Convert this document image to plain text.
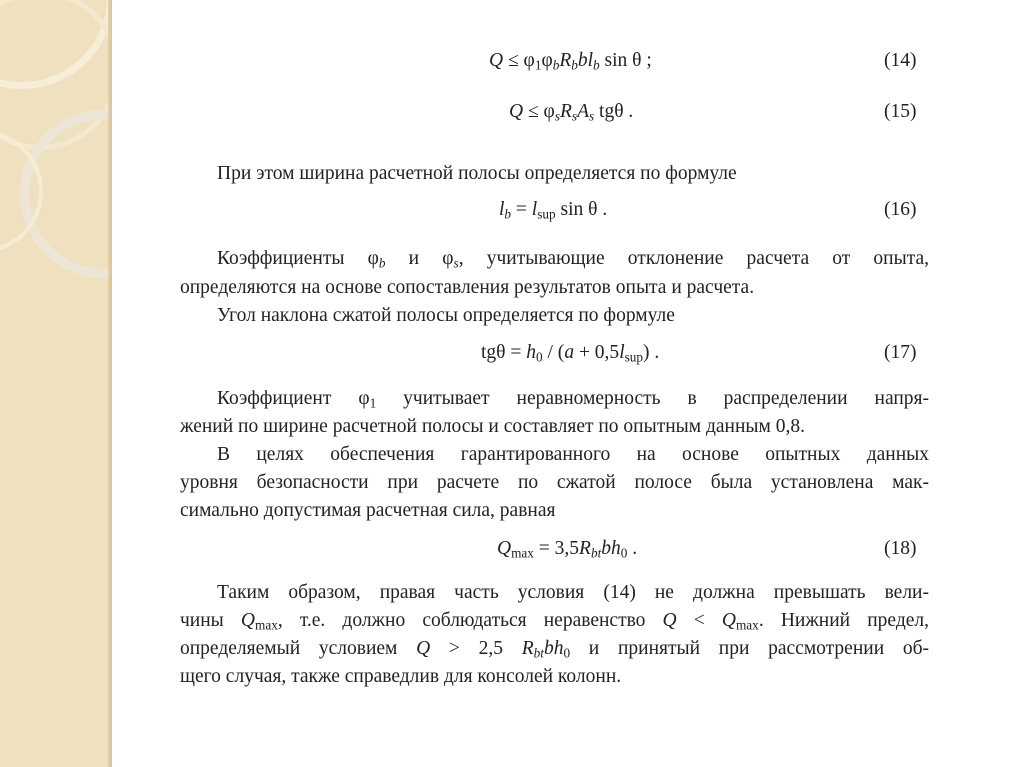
$Q \le \varphi_1\varphi_bR_bbl_b$ sin θ ;	(14)
$Q \le \varphi_sR_sA_s$ tgθ .	(15)
При этом ширина расчетной полосы определяется по формуле
$l_b = l_{sup}$ sin θ .	(16)
Коэффициенты $\varphi_b$ и $\varphi_s$, учитывающие отклонение расчета от опыта,
определяются на основе сопоставления результатов опыта и расчета.
Угол наклона сжатой полосы определяется по формуле
$tg\theta = h_0 / (a + 0,5l_{sup})$ .	(17)
Коэффициент $\varphi_1$ учитывает неравномерность в распределении напря-
жений по ширине расчетной полосы и составляет по опытным данным 0,8.
В целях обеспечения гарантированного на основе опытных данных
уровня безопасности при расчете по сжатой полосе была установлена мак-
симально допустимая расчетная сила, равная
$Q_{max} = 3,5R_{bt}bh_0$ .	(18)
Таким образом, правая часть условия (14) не должна превышать вели-
чины $Q_{max}$, т.е. должно соблюдаться неравенство $Q < Q_{max}$. Нижний предел,
определяемый условием Q > 2,5 $R_{bt}bh_0$ и принятый при рассмотрении об-
щего случая, также справедлив для консолей колонн.
